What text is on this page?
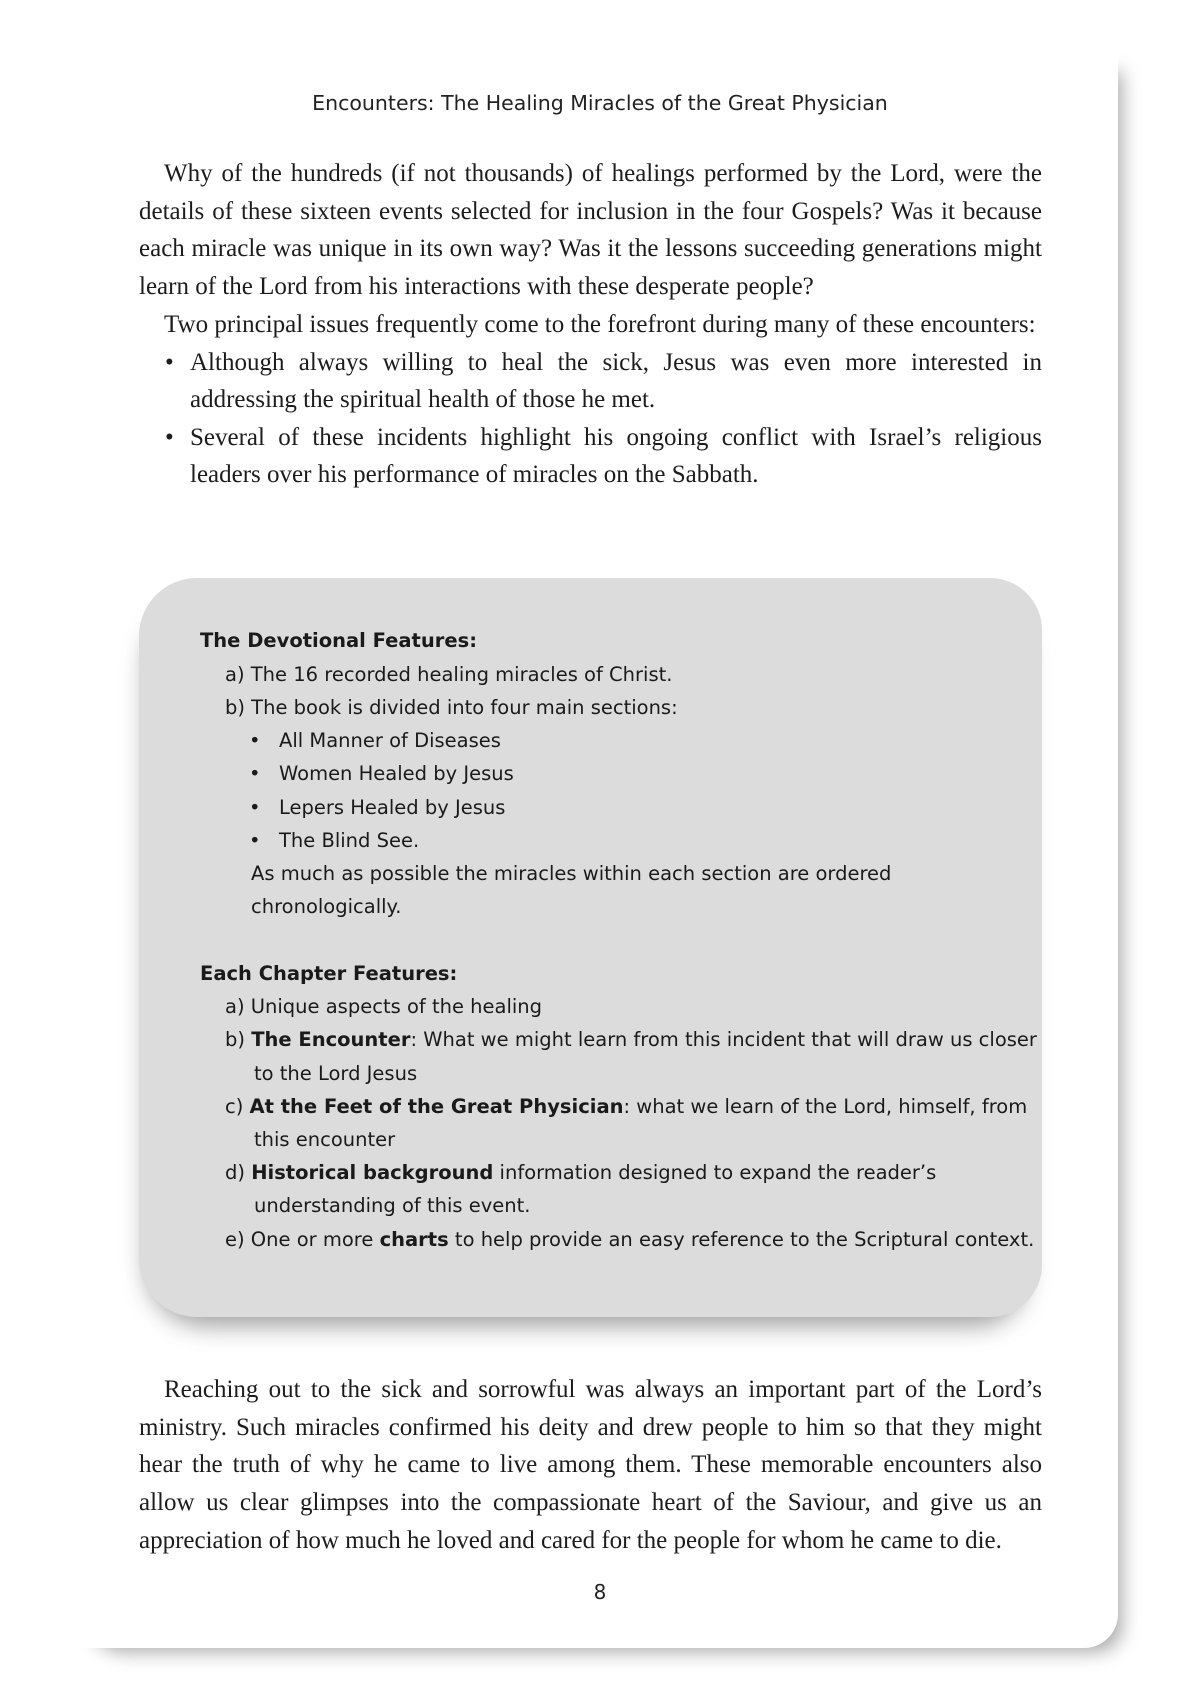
Encounters: The Healing Miracles of the Great Physician

Why of the hundreds (if not thousands) of healings performed by the Lord, were the details of these sixteen events selected for inclusion in the four Gospels? Was it because each miracle was unique in its own way? Was it the lessons succeeding generations might learn of the Lord from his interactions with these desperate people?

Two principal issues frequently come to the forefront during many of these encounters:

• Although always willing to heal the sick, Jesus was even more interested in addressing the spiritual health of those he met.
• Several of these incidents highlight his ongoing conflict with Israel’s religious leaders over his performance of miracles on the Sabbath.
The Devotional Features:
a) The 16 recorded healing miracles of Christ.
b) The book is divided into four main sections:
• All Manner of Diseases
• Women Healed by Jesus
• Lepers Healed by Jesus
• The Blind See.
As much as possible the miracles within each section are ordered
chronologically.
Each Chapter Features:
a) Unique aspects of the healing
b) The Encounter: What we might learn from this incident that will draw us closer
to the Lord Jesus
c) At the Feet of the Great Physician: what we learn of the Lord, himself, from
this encounter
d) Historical background information designed to expand the reader’s
understanding of this event.
e) One or more charts to help provide an easy reference to the Scriptural context.

Reaching out to the sick and sorrowful was always an important part of the Lord’s ministry. Such miracles confirmed his deity and drew people to him so that they might hear the truth of why he came to live among them. These memorable encounters also allow us clear glimpses into the compassionate heart of the Saviour, and give us an appreciation of how much he loved and cared for the people for whom he came to die.

8
